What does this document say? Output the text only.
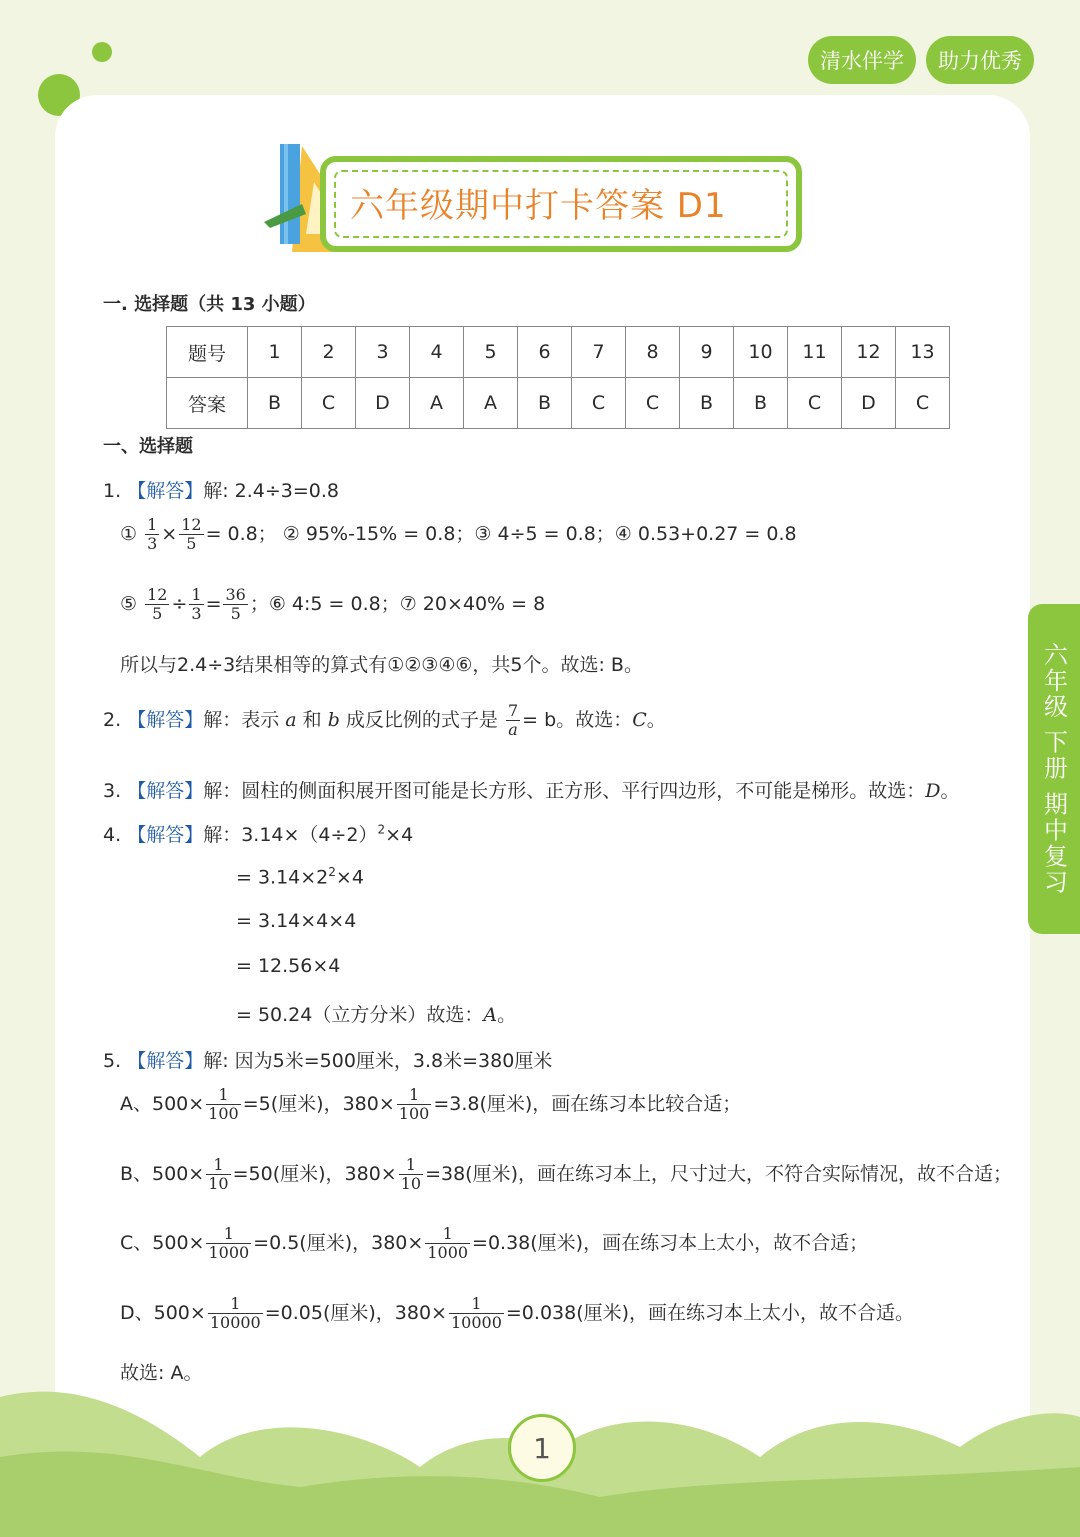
清水伴学	助力优秀
六年级期中打卡答案 D1
一. 选择题（共 13 小题）
题号	1	2	3	4	5	6	7	8	9	10	11	12	13
答案	B	C	D	A	A	B	C	C	B	B	C	D	C
一、选择题
1. 【解答】解: 2.4÷3=0.8
① $\frac{1}{3} \times \frac{12}{5} = 0.8$； ② 95%-15% = 0.8；③ 4÷5 = 0.8；④ 0.53+0.27 = 0.8
⑤ $\frac{12}{5} \div \frac{1}{3} = \frac{36}{5}$ ；⑥ 4:5 = 0.8；⑦ 20×40% = 8
所以与2.4÷3结果相等的算式有①②③④⑥，共5个。故选: B。
2. 【解答】解：表示 a 和 b 成反比例的式子是 $\frac{7}{a} = b$。故选：C。
3. 【解答】解：圆柱的侧面积展开图可能是长方形、正方形、平行四边形，不可能是梯形。故选：D。
4. 【解答】解：$3.14\times(4\div 2)^2\times 4$
= $3.14\times 2^2\times 4$
= 3.14×4×4
= 12.56×4
= 50.24（立方分米）故选：A。
5. 【解答】解: 因为5米=500厘米，3.8米=380厘米
A、$500\times \frac{1}{100} =5$(厘米)，$380\times \frac{1}{100} =3.8$(厘米)，画在练习本比较合适；
B、$500\times \frac{1}{10} =50$(厘米)，$380\times \frac{1}{10} =38$(厘米)，画在练习本上，尺寸过大，不符合实际情况，故不合适；
C、$500\times \frac{1}{1000} =0.5$(厘米)，$380\times \frac{1}{1000} =0.38$(厘米)，画在练习本上太小，故不合适；
D、$500\times \frac{1}{10000} =0.05$(厘米)，$380\times \frac{1}{10000} =0.038$(厘米)，画在练习本上太小，故不合适。
故选: A。
六年级 下册 期中复习
1
